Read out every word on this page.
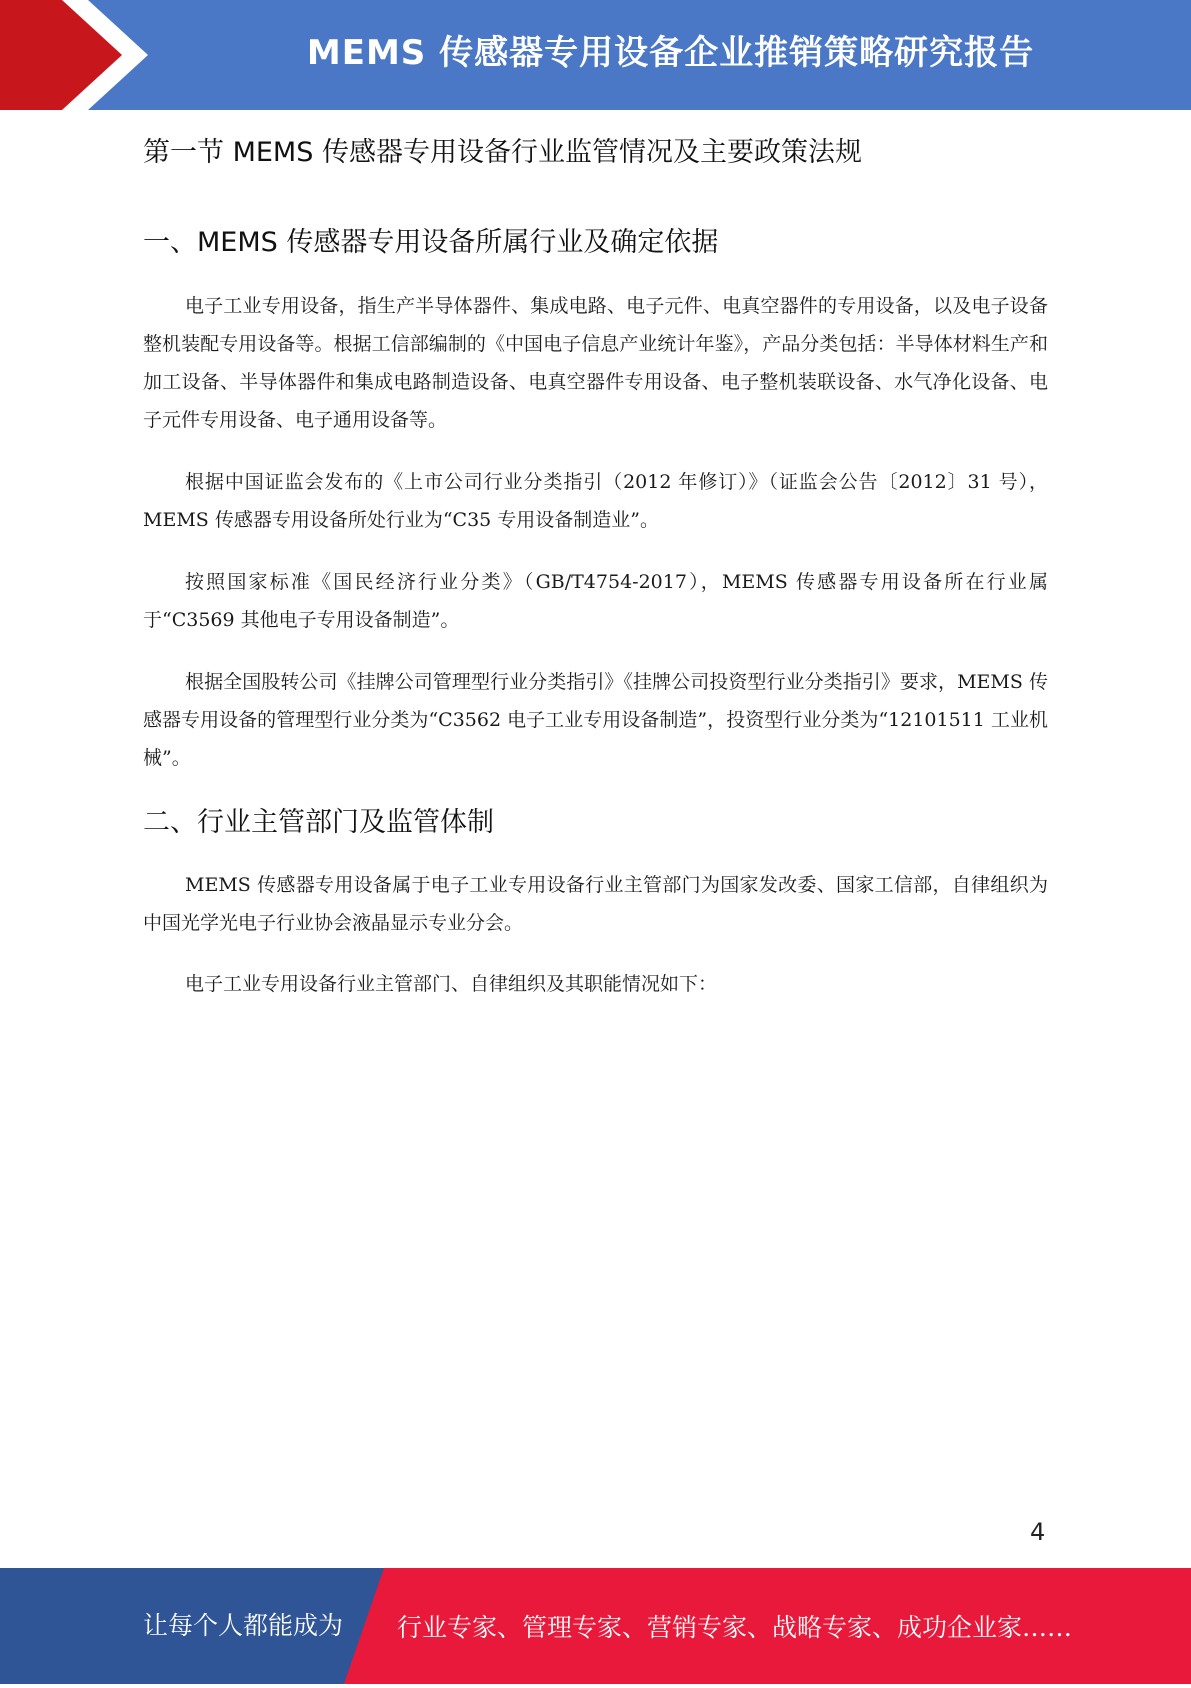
MEMS 传感器专用设备企业推销策略研究报告
第一节 MEMS 传感器专用设备行业监管情况及主要政策法规
一、MEMS 传感器专用设备所属行业及确定依据

电子工业专用设备，指生产半导体器件、集成电路、电子元件、电真空器件的专用设备，以及电子设备整机装配专用设备等。根据工信部编制的《中国电子信息产业统计年鉴》，产品分类包括：半导体材料生产和加工设备、半导体器件和集成电路制造设备、电真空器件专用设备、电子整机装联设备、水气净化设备、电子元件专用设备、电子通用设备等。

根据中国证监会发布的《上市公司行业分类指引（2012 年修订）》（证监会公告〔2012〕31 号），MEMS 传感器专用设备所处行业为“C35 专用设备制造业”。

按照国家标准《国民经济行业分类》（GB/T4754-2017），MEMS 传感器专用设备所在行业属于“C3569 其他电子专用设备制造”。

根据全国股转公司《挂牌公司管理型行业分类指引》《挂牌公司投资型行业分类指引》要求，MEMS 传感器专用设备的管理型行业分类为“C3562 电子工业专用设备制造”，投资型行业分类为“12101511 工业机械”。

二、行业主管部门及监管体制

MEMS 传感器专用设备属于电子工业专用设备行业主管部门为国家发改委、国家工信部，自律组织为中国光学光电子行业协会液晶显示专业分会。

电子工业专用设备行业主管部门、自律组织及其职能情况如下：

4
让每个人都能成为 行业专家、管理专家、营销专家、战略专家、成功企业家……
